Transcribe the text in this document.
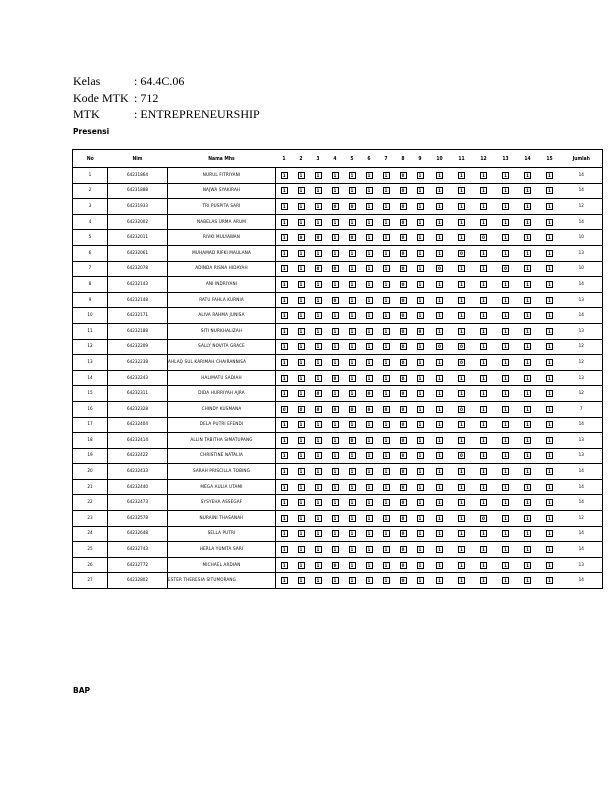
Kelas	: 64.4C.06
Kode MTK : 712
MTK	: ENTREPRENEURSHIP
Presensi
No	Nim	Nama Mhs	1	2	3	4	5	6	7	8	9	10	11	12	13	14	15	Jumlah
1	64231864	NURUL FITRIYANI	1	1	1	1	1	1	1	0	1	1	1	1	1	1	1	14
2	64231888	NAJWA SYAKIRAH	1	1	1	1	1	1	1	0	1	1	1	1	1	1	1	14
3	64231933	TRI PUSPITA SARI	1	1	1	0	0	1	1	0	1	1	1	1	1	1	1	12
4	64232002	NABELAS URMA ARUM	1	1	1	1	1	1	1	0	1	1	1	1	1	1	1	14
5	64232011	RIVKI MULYAWAN	1	0	0	1	0	1	1	0	1	1	1	0	1	1	1	10
6	64232061	MUHAMAD RIFKI MAULANA	1	1	1	1	1	1	1	0	1	1	0	1	1	1	1	13
7	64232078	ADINDA RISNA HIDAYAH	1	1	0	0	1	1	1	0	1	0	1	1	0	1	1	10
8	64232143	ANI INDRIYANI	1	1	1	1	1	1	1	0	1	1	1	1	1	1	1	14
9	64232148	RATU FAHLA KURNIA	1	1	1	0	1	1	1	0	1	1	1	1	1	1	1	13
10	64232171	ALIVA RAHMA JUNISA	1	1	1	1	1	1	1	0	1	1	1	1	1	1	1	14
11	64232188	SITI NURKHALIZAH	1	1	1	1	1	1	1	0	0	1	1	1	1	1	1	13
12	64232209	SALLY NOVITA GRACE	1	1	1	1	1	1	1	0	1	0	0	1	1	1	1	12
13	64232238	AHLAQ SUL KARIMAH CHAIRANNISA	1	1	1	1	1	1	1	0	1	1	0	1	1	1	1	12
14	64232243	HALIMATU SADIAH	1	1	1	0	1	1	1	0	1	1	1	1	1	1	1	13
15	64232311	DIDA HURRIYAH AJRA	1	1	0	1	1	0	1	0	1	1	1	1	1	1	1	12
16	64232328	CHINDY KUSMANA	0	0	0	0	0	0	0	0	1	1	0	1	1	1	1	7
17	64232404	DELA PUTRI EFENDI	1	1	1	1	1	1	1	0	1	1	1	1	1	1	1	14
18	64232414	ALLIN TABITHA SIMATUPANG	1	1	1	1	0	1	1	0	1	1	1	1	1	1	1	13
19	64232422	CHRISTINE NATALIA	1	1	1	1	1	1	1	0	1	1	0	1	1	1	1	13
20	64232433	SARAH PRISCILLA TOBING	1	1	1	1	1	1	1	0	1	1	1	1	1	1	1	14
21	64232440	MEGA AULIA UTAMI	1	1	1	1	1	1	1	0	1	1	1	1	1	1	1	14
22	64232473	SYSYEHA ASSEGAF	1	1	1	1	1	1	1	0	1	1	1	1	1	1	1	14
23	64232578	NURAINI THASANAH	1	1	1	1	1	1	1	0	1	1	1	0	1	1	1	12
24	64232648	SELLA PUTRI	1	1	1	1	1	1	1	0	1	1	1	1	1	1	1	14
25	64232743	HERLA YUNITA SARI	1	1	1	1	1	1	1	0	1	1	1	1	1	1	1	14
26	64232772	MICHAEL ARDIAN	1	1	1	0	1	1	1	0	1	1	1	1	1	1	1	13
27	64232802	ESTER THERESIA SITUMORANG	1	1	1	1	1	1	1	0	1	1	1	1	1	1	1	14
BAP
